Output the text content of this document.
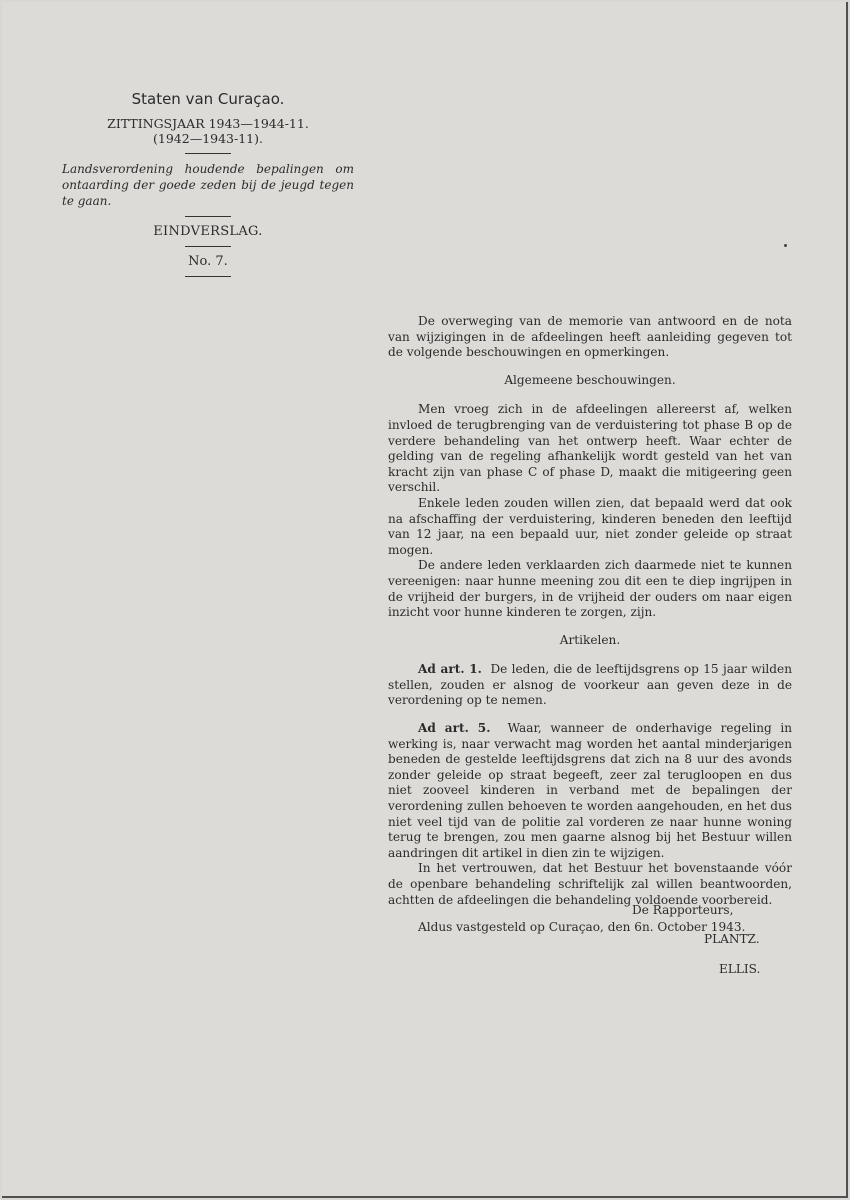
Staten van Curaçao.

ZITTINGSJAAR 1943—1944-11.

(1942—1943-11).

Landsverordening houdende bepalingen om ontaarding der goede zeden bij de jeugd tegen te gaan.

EINDVERSLAG.

No. 7.

De overweging van de memorie van antwoord en de nota van wijzigingen in de afdeelingen heeft aanleiding gegeven tot de volgende beschouwingen en opmerkingen.

Algemeene beschouwingen.

Men vroeg zich in de afdeelingen allereerst af, welken invloed de terugbrenging van de verduistering tot phase B op de verdere behandeling van het ontwerp heeft. Waar echter de gelding van de regeling afhankelijk wordt gesteld van het van kracht zijn van phase C of phase D, maakt die mitigeering geen verschil.

Enkele leden zouden willen zien, dat bepaald werd dat ook na afschaffing der verduistering, kinderen beneden den leeftijd van 12 jaar, na een bepaald uur, niet zonder geleide op straat mogen.

De andere leden verklaarden zich daarmede niet te kunnen vereenigen: naar hunne meening zou dit een te diep ingrijpen in de vrijheid der burgers, in de vrijheid der ouders om naar eigen inzicht voor hunne kinderen te zorgen, zijn.

Artikelen.

Ad art. 1. De leden, die de leeftijdsgrens op 15 jaar wilden stellen, zouden er alsnog de voorkeur aan geven deze in de verordening op te nemen.

Ad art. 5. Waar, wanneer de onderhavige regeling in werking is, naar verwacht mag worden het aantal minderjarigen beneden de gestelde leeftijdsgrens dat zich na 8 uur des avonds zonder geleide op straat begeeft, zeer zal terugloopen en dus niet zooveel kinderen in verband met de bepalingen der verordening zullen behoeven te worden aangehouden, en het dus niet veel tijd van de politie zal vorderen ze naar hunne woning terug te brengen, zou men gaarne alsnog bij het Bestuur willen aandringen dit artikel in dien zin te wijzigen.

In het vertrouwen, dat het Bestuur het bovenstaande vóór de openbare behandeling schriftelijk zal willen beantwoorden, achtten de afdeelingen die behandeling voldoende voorbereid.

Aldus vastgesteld op Curaçao, den 6n. October 1943.

De Rapporteurs,
PLANTZ.
ELLIS.
